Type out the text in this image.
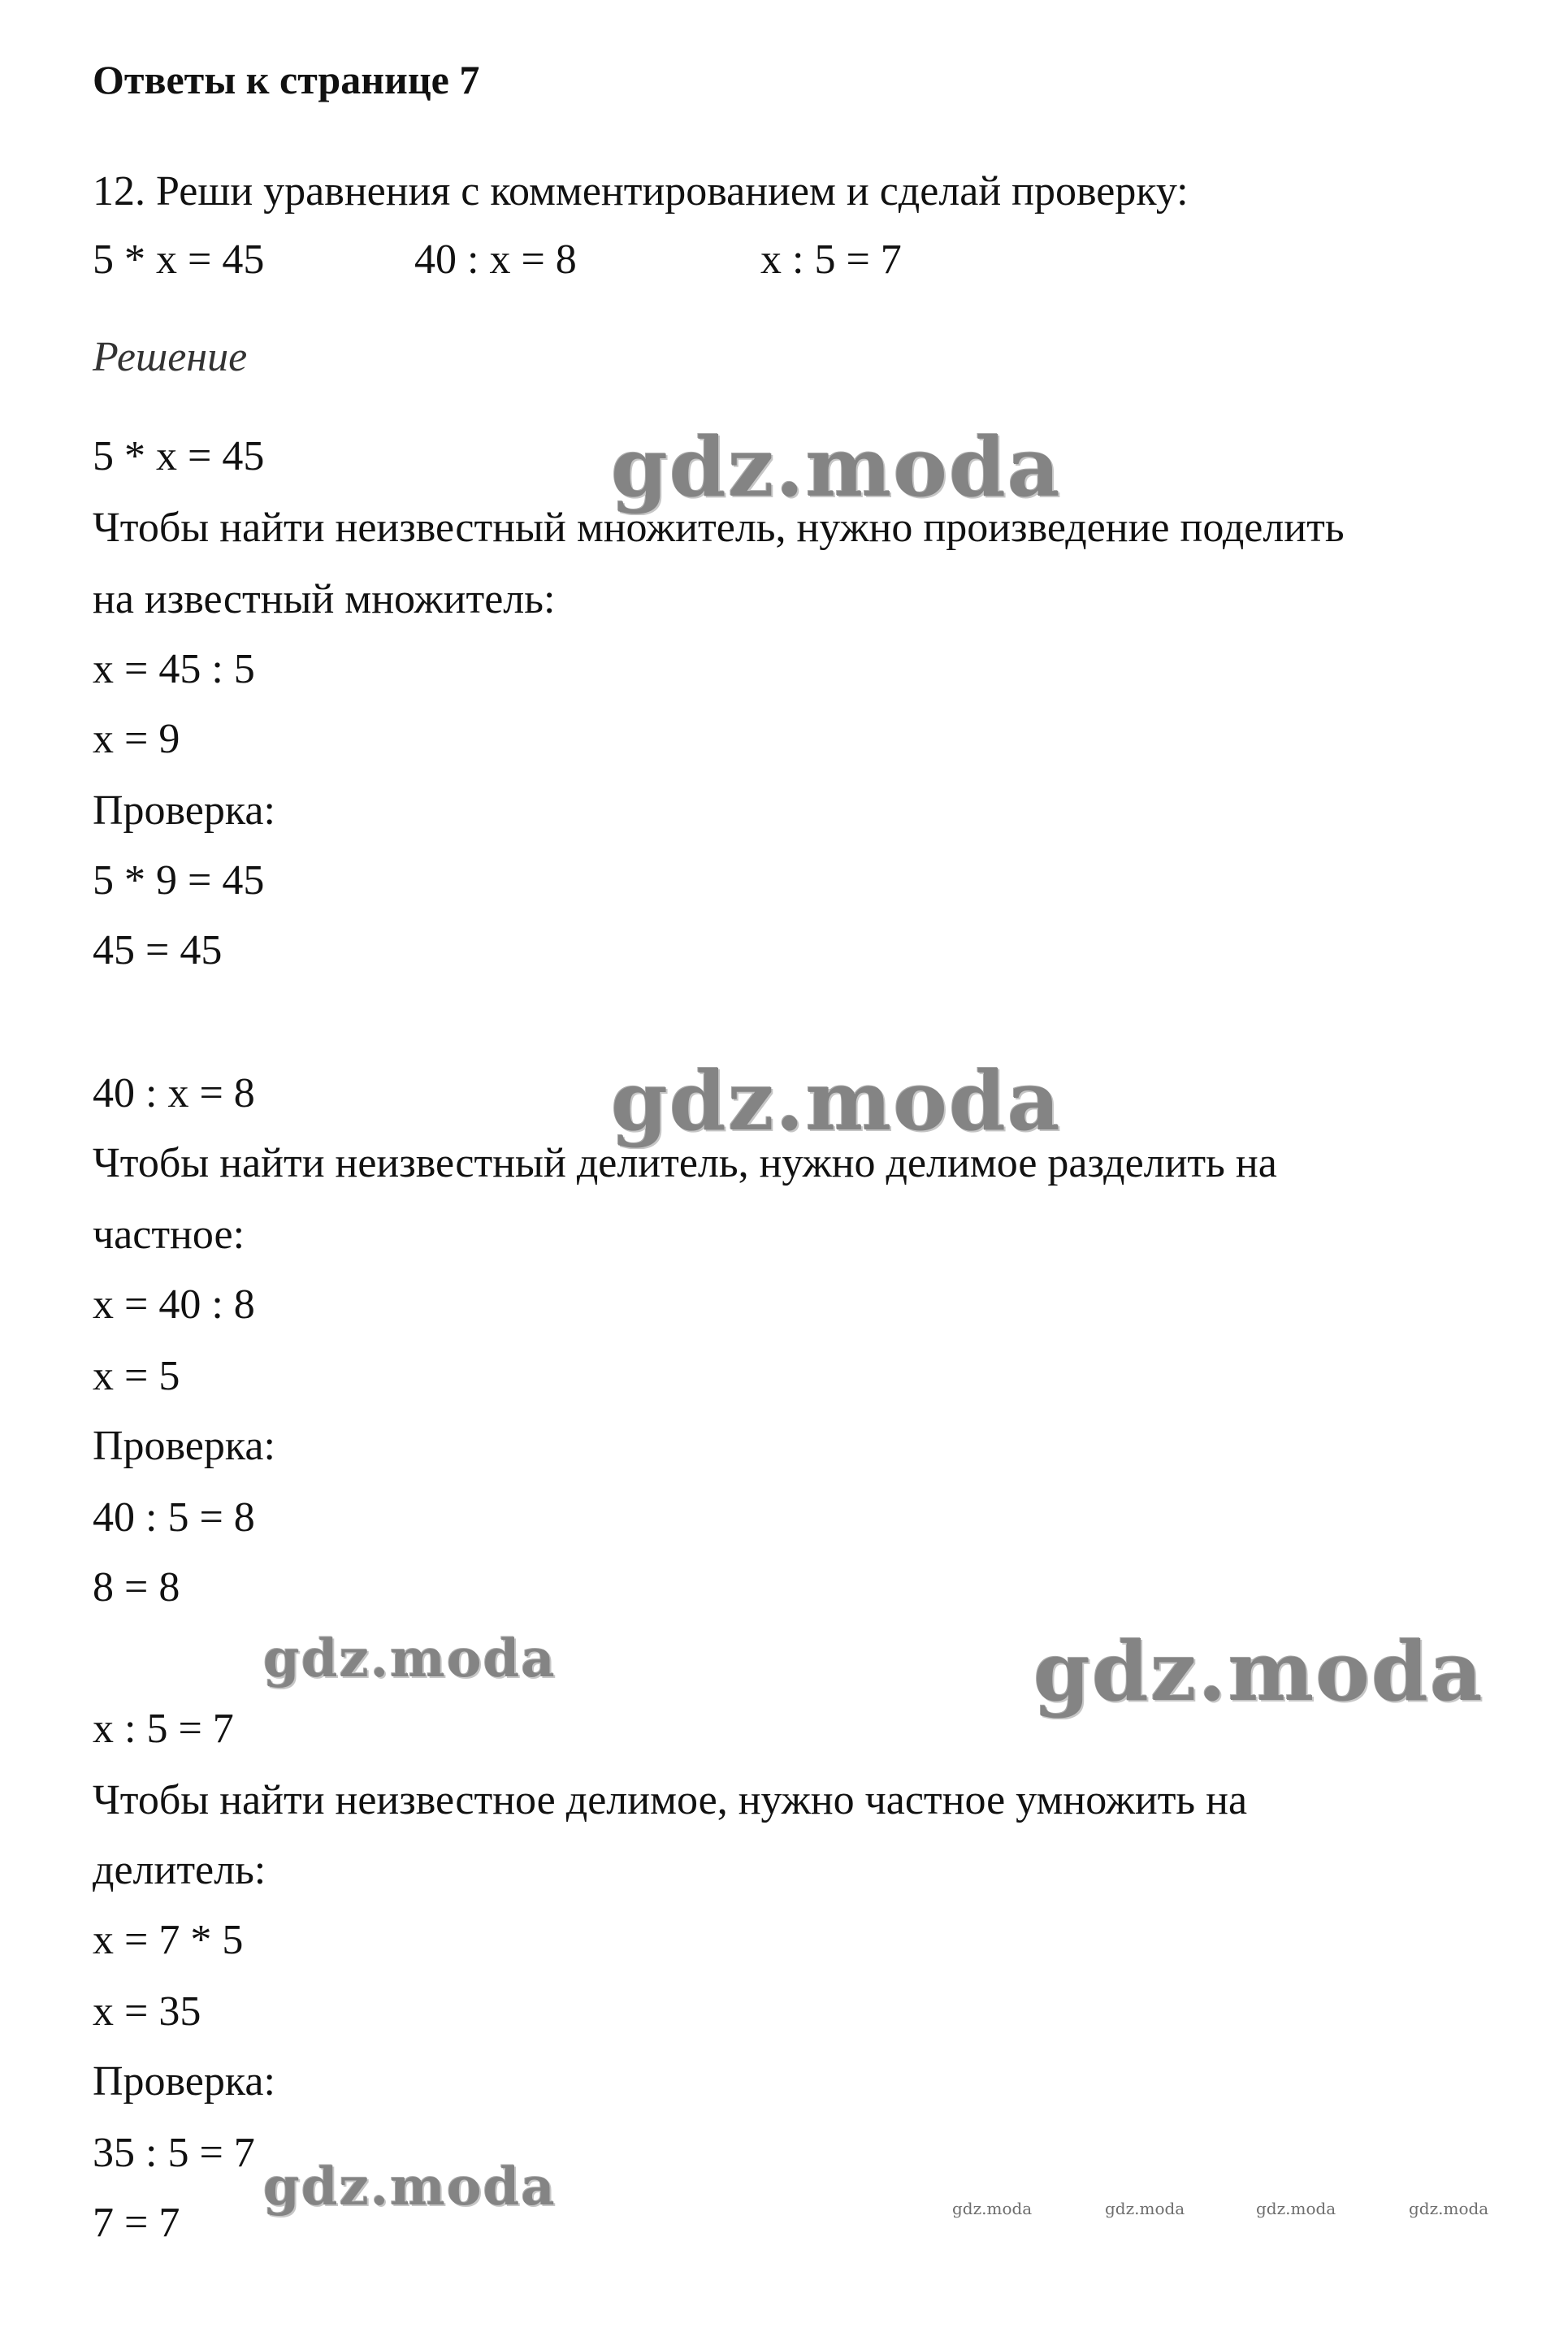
Ответы к странице 7
12. Реши уравнения с комментированием и сделай проверку:
5 * x = 45	40 : x = 8	x : 5 = 7
Решение
5 * x = 45
Чтобы найти неизвестный множитель, нужно произведение поделить
на известный множитель:
x = 45 : 5
x = 9
Проверка:
5 * 9 = 45
45 = 45
40 : x = 8
Чтобы найти неизвестный делитель, нужно делимое разделить на
частное:
x = 40 : 8
x = 5
Проверка:
40 : 5 = 8
8 = 8
x : 5 = 7
Чтобы найти неизвестное делимое, нужно частное умножить на
делитель:
x = 7 * 5
x = 35
Проверка:
35 : 5 = 7
7 = 7
gdz.moda
gdz.moda
gdz.moda	gdz.moda
gdz.moda	gdz.moda	gdz.moda	gdz.moda	gdz.moda
